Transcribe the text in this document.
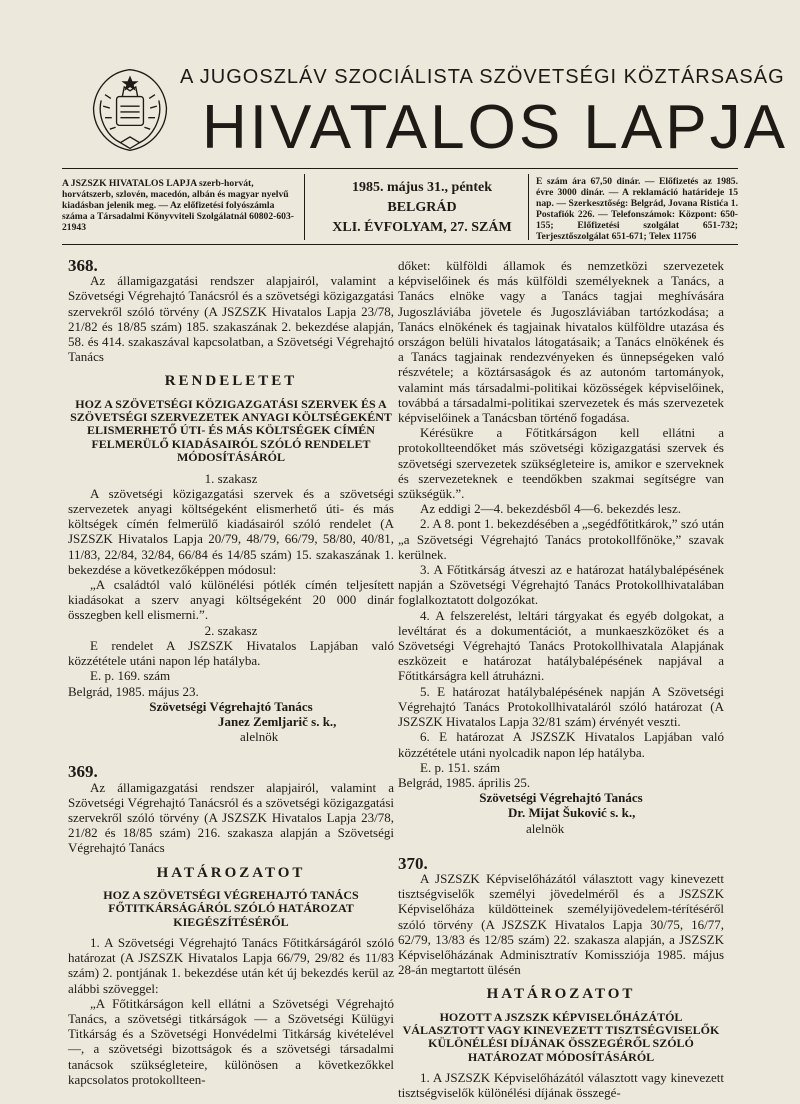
A JUGOSZLÁV SZOCIÁLISTA SZÖVETSÉGI KÖZTÁRSASÁG
HIVATALOS LAPJA
A JSZSZK HIVATALOS LAPJA szerb-horvát, horvátszerb, szlovén, macedón, albán és magyar nyelvű kiadásban jelenik meg. — Az előfizetési folyószámla száma a Társadalmi Könyvviteli Szolgálatnál 60802-603-21943
1985. május 31., péntek
BELGRÁD
XLI. ÉVFOLYAM, 27. SZÁM
E szám ára 67,50 dinár. — Előfizetés az 1985. évre 3000 dinár. — A reklamáció határideje 15 nap. — Szerkesztőség: Belgrád, Jovana Ristića 1. Postafiók 226. — Telefonszámok: Központ: 650-155; Előfizetési szolgálat 651-732; Terjesztőszolgálat 651-671; Telex 11756

368.

Az államigazgatási rendszer alapjairól, valamint a Szövetségi Végrehajtó Tanácsról és a szövetségi közigazgatási szervekről szóló törvény (A JSZSZK Hivatalos Lapja 23/78, 21/82 és 18/85 szám) 185. szakaszának 2. bekezdése alapján, 58. és 414. szakaszával kapcsolatban, a Szövetségi Végrehajtó Tanács

RENDELETET

HOZ A SZÖVETSÉGI KÖZIGAZGATÁSI SZERVEK ÉS A SZÖVETSÉGI SZERVEZETEK ANYAGI KÖLTSÉGEKÉNT ELISMERHETŐ ÚTI- ÉS MÁS KÖLTSÉGEK CÍMÉN FELMERÜLŐ KIADÁSAIRÓL SZÓLÓ RENDELET MÓDOSÍTÁSÁRÓL

1. szakasz

A szövetségi közigazgatási szervek és a szövetségi szervezetek anyagi költségeként elismerhető úti- és más költségek címén felmerülő kiadásairól szóló rendelet (A JSZSZK Hivatalos Lapja 20/79, 48/79, 66/79, 58/80, 40/81, 11/83, 22/84, 32/84, 66/84 és 14/85 szám) 15. szakaszának 1. bekezdése a következőképpen módosul:

„A családtól való különélési pótlék címén teljesített kiadásokat a szerv anyagi költségeként 20 000 dinár összegben kell elismerni.”.

2. szakasz

E rendelet A JSZSZK Hivatalos Lapjában való közzététele utáni napon lép hatályba.

E. p. 169. szám

Belgrád, 1985. május 23.

Szövetségi Végrehajtó Tanács

Janez Zemljarič s. k.,

alelnök

369.

Az államigazgatási rendszer alapjairól, valamint a Szövetségi Végrehajtó Tanácsról és a szövetségi közigazgatási szervekről szóló törvény (A JSZSZK Hivatalos Lapja 23/78, 21/82 és 18/85 szám) 216. szakasza alapján a Szövetségi Végrehajtó Tanács

HATÁROZATOT

HOZ A SZÖVETSÉGI VÉGREHAJTÓ TANÁCS FŐTITKÁRSÁGÁRÓL SZÓLÓ HATÁROZAT KIEGÉSZÍTÉSÉRŐL

1. A Szövetségi Végrehajtó Tanács Főtitkárságáról szóló határozat (A JSZSZK Hivatalos Lapja 66/79, 29/82 és 11/83 szám) 2. pontjának 1. bekezdése után két új bekezdés kerül az alábbi szöveggel:

„A Főtitkárságon kell ellátni a Szövetségi Végrehajtó Tanács, a szövetségi titkárságok — a Szövetségi Külügyi Titkárság és a Szövetségi Honvédelmi Titkárság kivételével —, a szövetségi bizottságok és a szövetségi társadalmi tanácsok szükségleteire, különösen a következőkkel kapcsolatos protokollteen-

dőket: külföldi államok és nemzetközi szervezetek képviselőinek és más külföldi személyeknek a Tanács, a Tanács elnöke vagy a Tanács tagjai meghívására Jugoszláviába jövetele és Jugoszláviában tartózkodása; a Tanács elnökének és tagjainak hivatalos külföldre utazása és országon belüli hivatalos látogatásaik; a Tanács elnökének és a Tanács tagjainak rendezvényeken és ünnepségeken való részvétele; a köztársaságok és az autonóm tartományok, valamint más társadalmi-politikai közösségek képviselőinek, továbbá a társadalmi-politikai szervezetek és más szervezetek képviselőinek a Tanácsban történő fogadása.

Kérésükre a Főtitkárságon kell ellátni a protokollteendőket más szövetségi közigazgatási szervek és szövetségi szervezetek szükségleteire is, amikor e szerveknek és szervezeteknek e teendőkben szakmai segítségre van szükségük.”.

Az eddigi 2—4. bekezdésből 4—6. bekezdés lesz.

2. A 8. pont 1. bekezdésében a „segédfőtitkárok,” szó után „a Szövetségi Végrehajtó Tanács protokollfőnöke,” szavak kerülnek.

3. A Főtitkárság átveszi az e határozat hatálybalépésének napján a Szövetségi Végrehajtó Tanács Protokollhivatalában foglalkoztatott dolgozókat.

4. A felszerelést, leltári tárgyakat és egyéb dolgokat, a levéltárat és a dokumentációt, a munkaeszközöket és a Szövetségi Végrehajtó Tanács Protokollhivatala Alapjának eszközeit e határozat hatálybalépésének napjával a Főtitkárságra kell átruházni.

5. E határozat hatálybalépésének napján A Szövetségi Végrehajtó Tanács Protokollhivataláról szóló határozat (A JSZSZK Hivatalos Lapja 32/81 szám) érvényét veszti.

6. E határozat A JSZSZK Hivatalos Lapjában való közzététele utáni nyolcadik napon lép hatályba.

E. p. 151. szám

Belgrád, 1985. április 25.

Szövetségi Végrehajtó Tanács

Dr. Mijat Šuković s. k.,

alelnök

370.

A JSZSZK Képviselőházától választott vagy kinevezett tisztségviselők személyi jövedelméről és a JSZSZK Képviselőháza küldötteinek személyijövedelem-térítéséről szóló törvény (A JSZSZK Hivatalos Lapja 30/75, 16/77, 62/79, 13/83 és 12/85 szám) 22. szakasza alapján, a JSZSZK Képviselőházának Adminisztratív Komissziója 1985. május 28-án megtartott ülésén

HATÁROZATOT

HOZOTT A JSZSZK KÉPVISELŐHÁZÁTÓL VÁLASZTOTT VAGY KINEVEZETT TISZTSÉGVISELŐK KÜLÖNÉLÉSI DÍJÁNAK ÖSSZEGÉRŐL SZÓLÓ HATÁROZAT MÓDOSÍTÁSÁRÓL

1. A JSZSZK Képviselőházától választott vagy kinevezett tisztségviselők különélési díjának összegé-
